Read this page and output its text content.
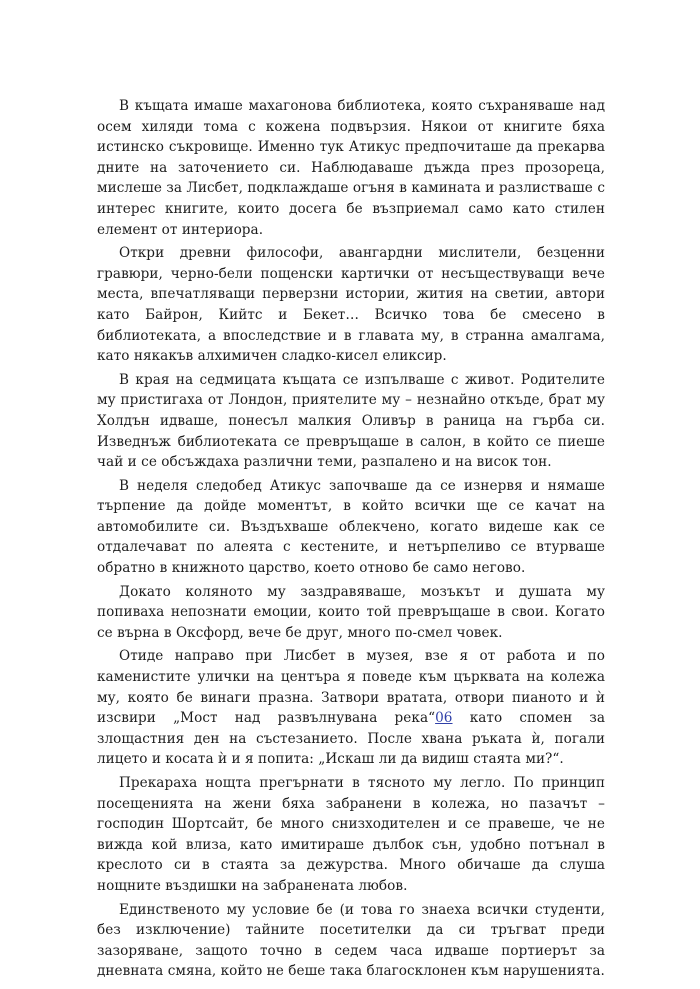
В къщата имаше махагонова библиотека, която съхраняваше над осем хиляди тома с кожена подвързия. Някои от книгите бяха истинско съкровище. Именно тук Атикус предпочиташе да прекарва дните на заточението си. Наблюдаваше дъжда през прозореца, мислеше за Лисбет, подклаждаше огъня в камината и разлистваше с интерес книгите, които досега бе възприемал само като стилен елемент от интериора.

Откри древни философи, авангардни мислители, безценни гравюри, черно-бели пощенски картички от несъществуващи вече места, впечатляващи перверзни истории, жития на светии, автори като Байрон, Кийтс и Бекет… Всичко това бе смесено в библиотеката, а впоследствие и в главата му, в странна амалгама, като някакъв алхимичен сладко-кисел еликсир.

В края на седмицата къщата се изпълваше с живот. Родителите му пристигаха от Лондон, приятелите му – незнайно откъде, брат му Холдън идваше, понесъл малкия Оливър в раница на гърба си. Изведнъж библиотеката се превръщаше в салон, в който се пиеше чай и се обсъждаха различни теми, разпалено и на висок тон.

В неделя следобед Атикус започваше да се изнервя и нямаше търпение да дойде моментът, в който всички ще се качат на автомобилите си. Въздъхваше облекчено, когато видеше как се отдалечават по алеята с кестените, и нетърпеливо се втурваше обратно в книжното царство, което отново бе само негово.

Докато коляното му заздравяваше, мозъкът и душата му попиваха непознати емоции, които той превръщаше в свои. Когато се върна в Оксфорд, вече бе друг, много по-смел човек.

Отиде направо при Лисбет в музея, взе я от работа и по каменистите улички на центъра я поведе към църквата на колежа му, която бе винаги празна. Затвори вратата, отвори пианото и ѝ изсвири „Мост над развълнувана река“06 като спомен за злощастния ден на състезанието. После хвана ръката ѝ, погали лицето и косата ѝ и я попита: „Искаш ли да видиш стаята ми?“.

Прекараха нощта прегърнати в тясното му легло. По принцип посещенията на жени бяха забранени в колежа, но пазачът – господин Шортсайт, бе много снизходителен и се правеше, че не вижда кой влиза, като имитираше дълбок сън, удобно потънал в креслото си в стаята за дежурства. Много обичаше да слуша нощните въздишки на забранената любов.

Единственото му условие бе (и това го знаеха всички студенти, без изключение) тайните посетителки да си тръгват преди зазоряване, защото точно в седем часа идваше портиерът за дневната смяна, който не беше така благосклонен към нарушенията.
